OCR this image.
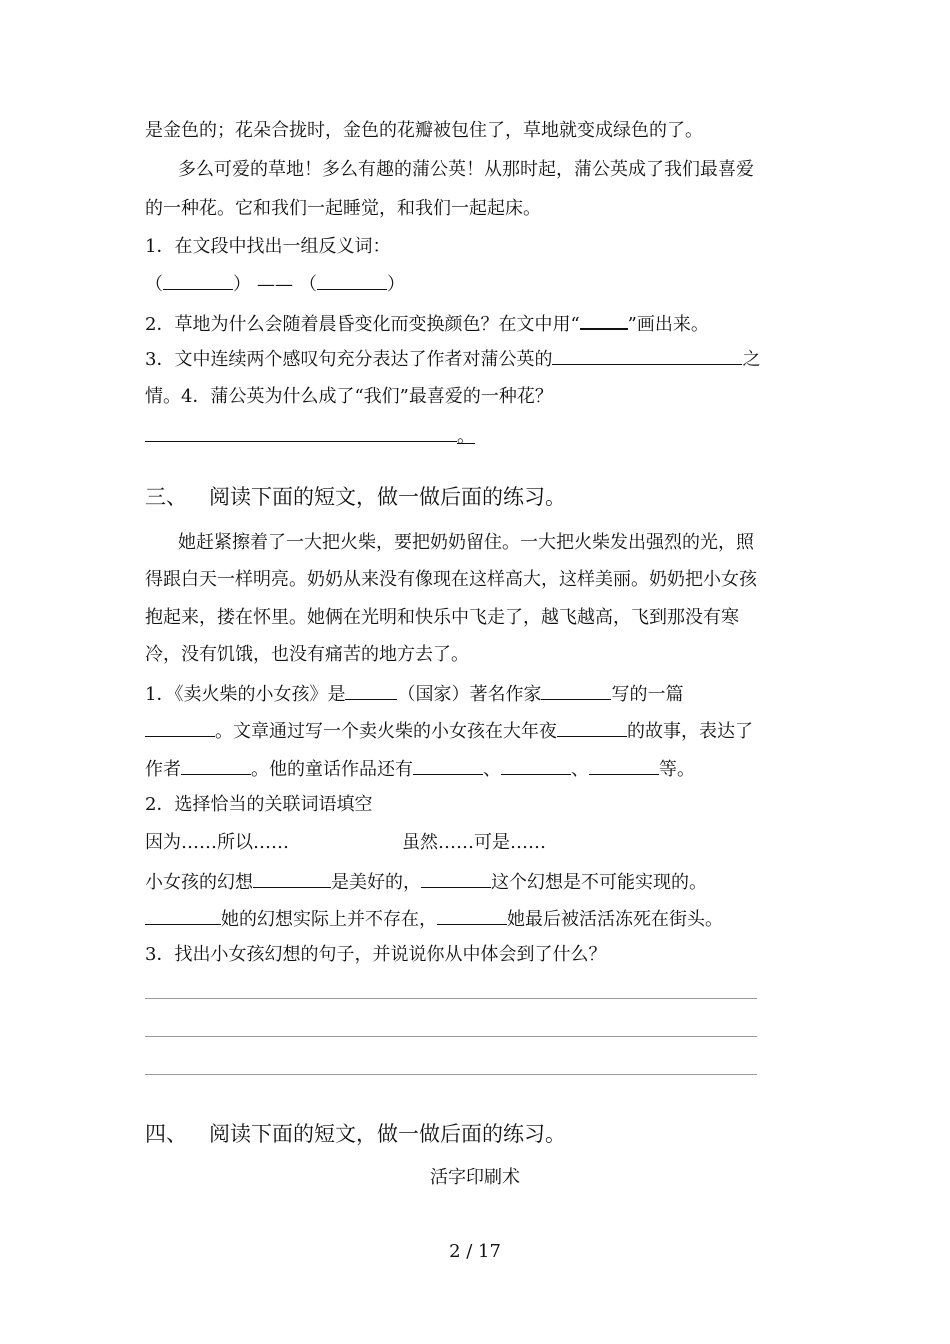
是金色的；花朵合拢时，金色的花瓣被包住了，草地就变成绿色的了。
多么可爱的草地！多么有趣的蒲公英！从那时起，蒲公英成了我们最喜爱
的一种花。它和我们一起睡觉，和我们一起起床。
1．在文段中找出一组反义词：
（	） —— （	）
2．草地为什么会随着晨昏变化而变换颜色？在文中用“	”画出来。
3．文中连续两个感叹句充分表达了作者对蒲公英的	之
情。4．蒲公英为什么成了“我们”最喜爱的一种花？
。
三、 阅读下面的短文，做一做后面的练习。
她赶紧擦着了一大把火柴，要把奶奶留住。一大把火柴发出强烈的光，照
得跟白天一样明亮。奶奶从来没有像现在这样高大，这样美丽。奶奶把小女孩
抱起来，搂在怀里。她俩在光明和快乐中飞走了，越飞越高，飞到那没有寒
冷，没有饥饿，也没有痛苦的地方去了。
1．《卖火柴的小女孩》是	（国家）著名作家	写的一篇
。文章通过写一个卖火柴的小女孩在大年夜	的故事，表达了
作者	。他的童话作品还有	、	、	等。
2．选择恰当的关联词语填空
因为……所以……	虽然……可是……
小女孩的幻想	是美好的，	这个幻想是不可能实现的。
她的幻想实际上并不存在，	她最后被活活冻死在街头。
3．找出小女孩幻想的句子，并说说你从中体会到了什么？
四、 阅读下面的短文，做一做后面的练习。
活字印刷术
2 / 17
